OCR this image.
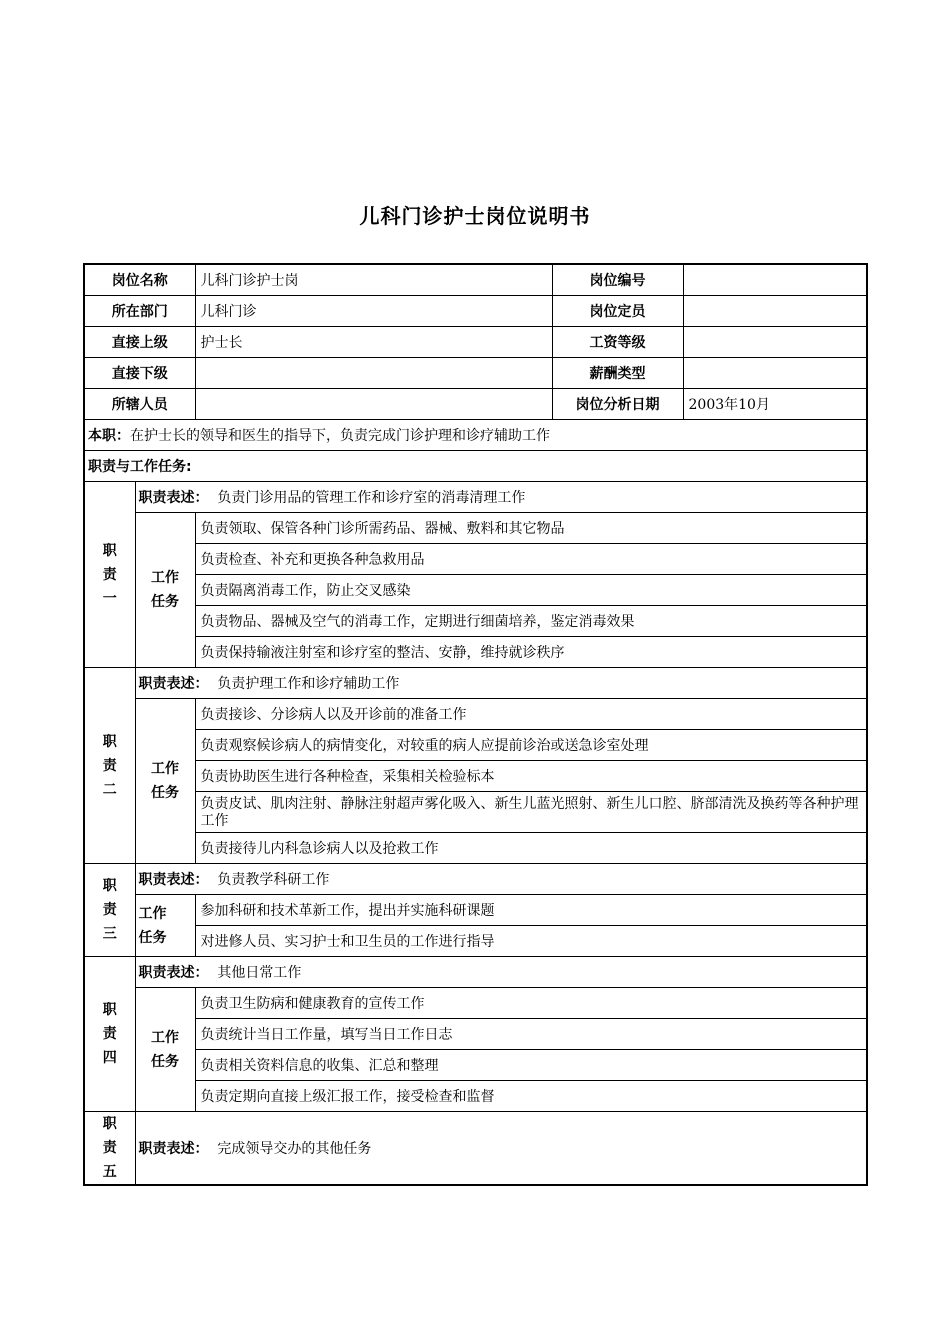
儿科门诊护士岗位说明书
岗位名称		儿科门诊护士岗	岗位编号	
所在部门		儿科门诊	岗位定员	
直接上级		护士长	工资等级	
直接下级			薪酬类型	
所辖人员			岗位分析日期	2003年10月
本职：在护士长的领导和医生的指导下，负责完成门诊护理和诊疗辅助工作				
职责与工作任务:				

职
责
一	职责表述： 负责门诊用品的管理工作和诊疗室的消毒清理工作			

	工作
任务	负责领取、保管各种门诊所需药品、器械、敷料和其它物品		
		负责检查、补充和更换各种急救用品		
		负责隔离消毒工作，防止交叉感染		
		负责物品、器械及空气的消毒工作，定期进行细菌培养，鉴定消毒效果		
		负责保持输液注射室和诊疗室的整洁、安静，维持就诊秩序		

职
责
二	职责表述： 负责护理工作和诊疗辅助工作			

	工作
任务	负责接诊、分诊病人以及开诊前的准备工作		
		负责观察候诊病人的病情变化，对较重的病人应提前诊治或送急诊室处理		
		负责协助医生进行各种检查，采集相关检验标本		
		负责皮试、肌肉注射、静脉注射超声雾化吸入、新生儿蓝光照射、新生儿口腔、脐部清洗及换药等各种护理工作		
		负责接待儿内科急诊病人以及抢救工作		

职
责
三	职责表述： 负责教学科研工作			

	工作
任务	参加科研和技术革新工作，提出并实施科研课题		
		对进修人员、实习护士和卫生员的工作进行指导		

职
责
四	职责表述： 其他日常工作			

	工作
任务	负责卫生防病和健康教育的宣传工作		
		负责统计当日工作量，填写当日工作日志		
		负责相关资料信息的收集、汇总和整理		
		负责定期向直接上级汇报工作，接受检查和监督		

职
责
五	职责表述： 完成领导交办的其他任务			
